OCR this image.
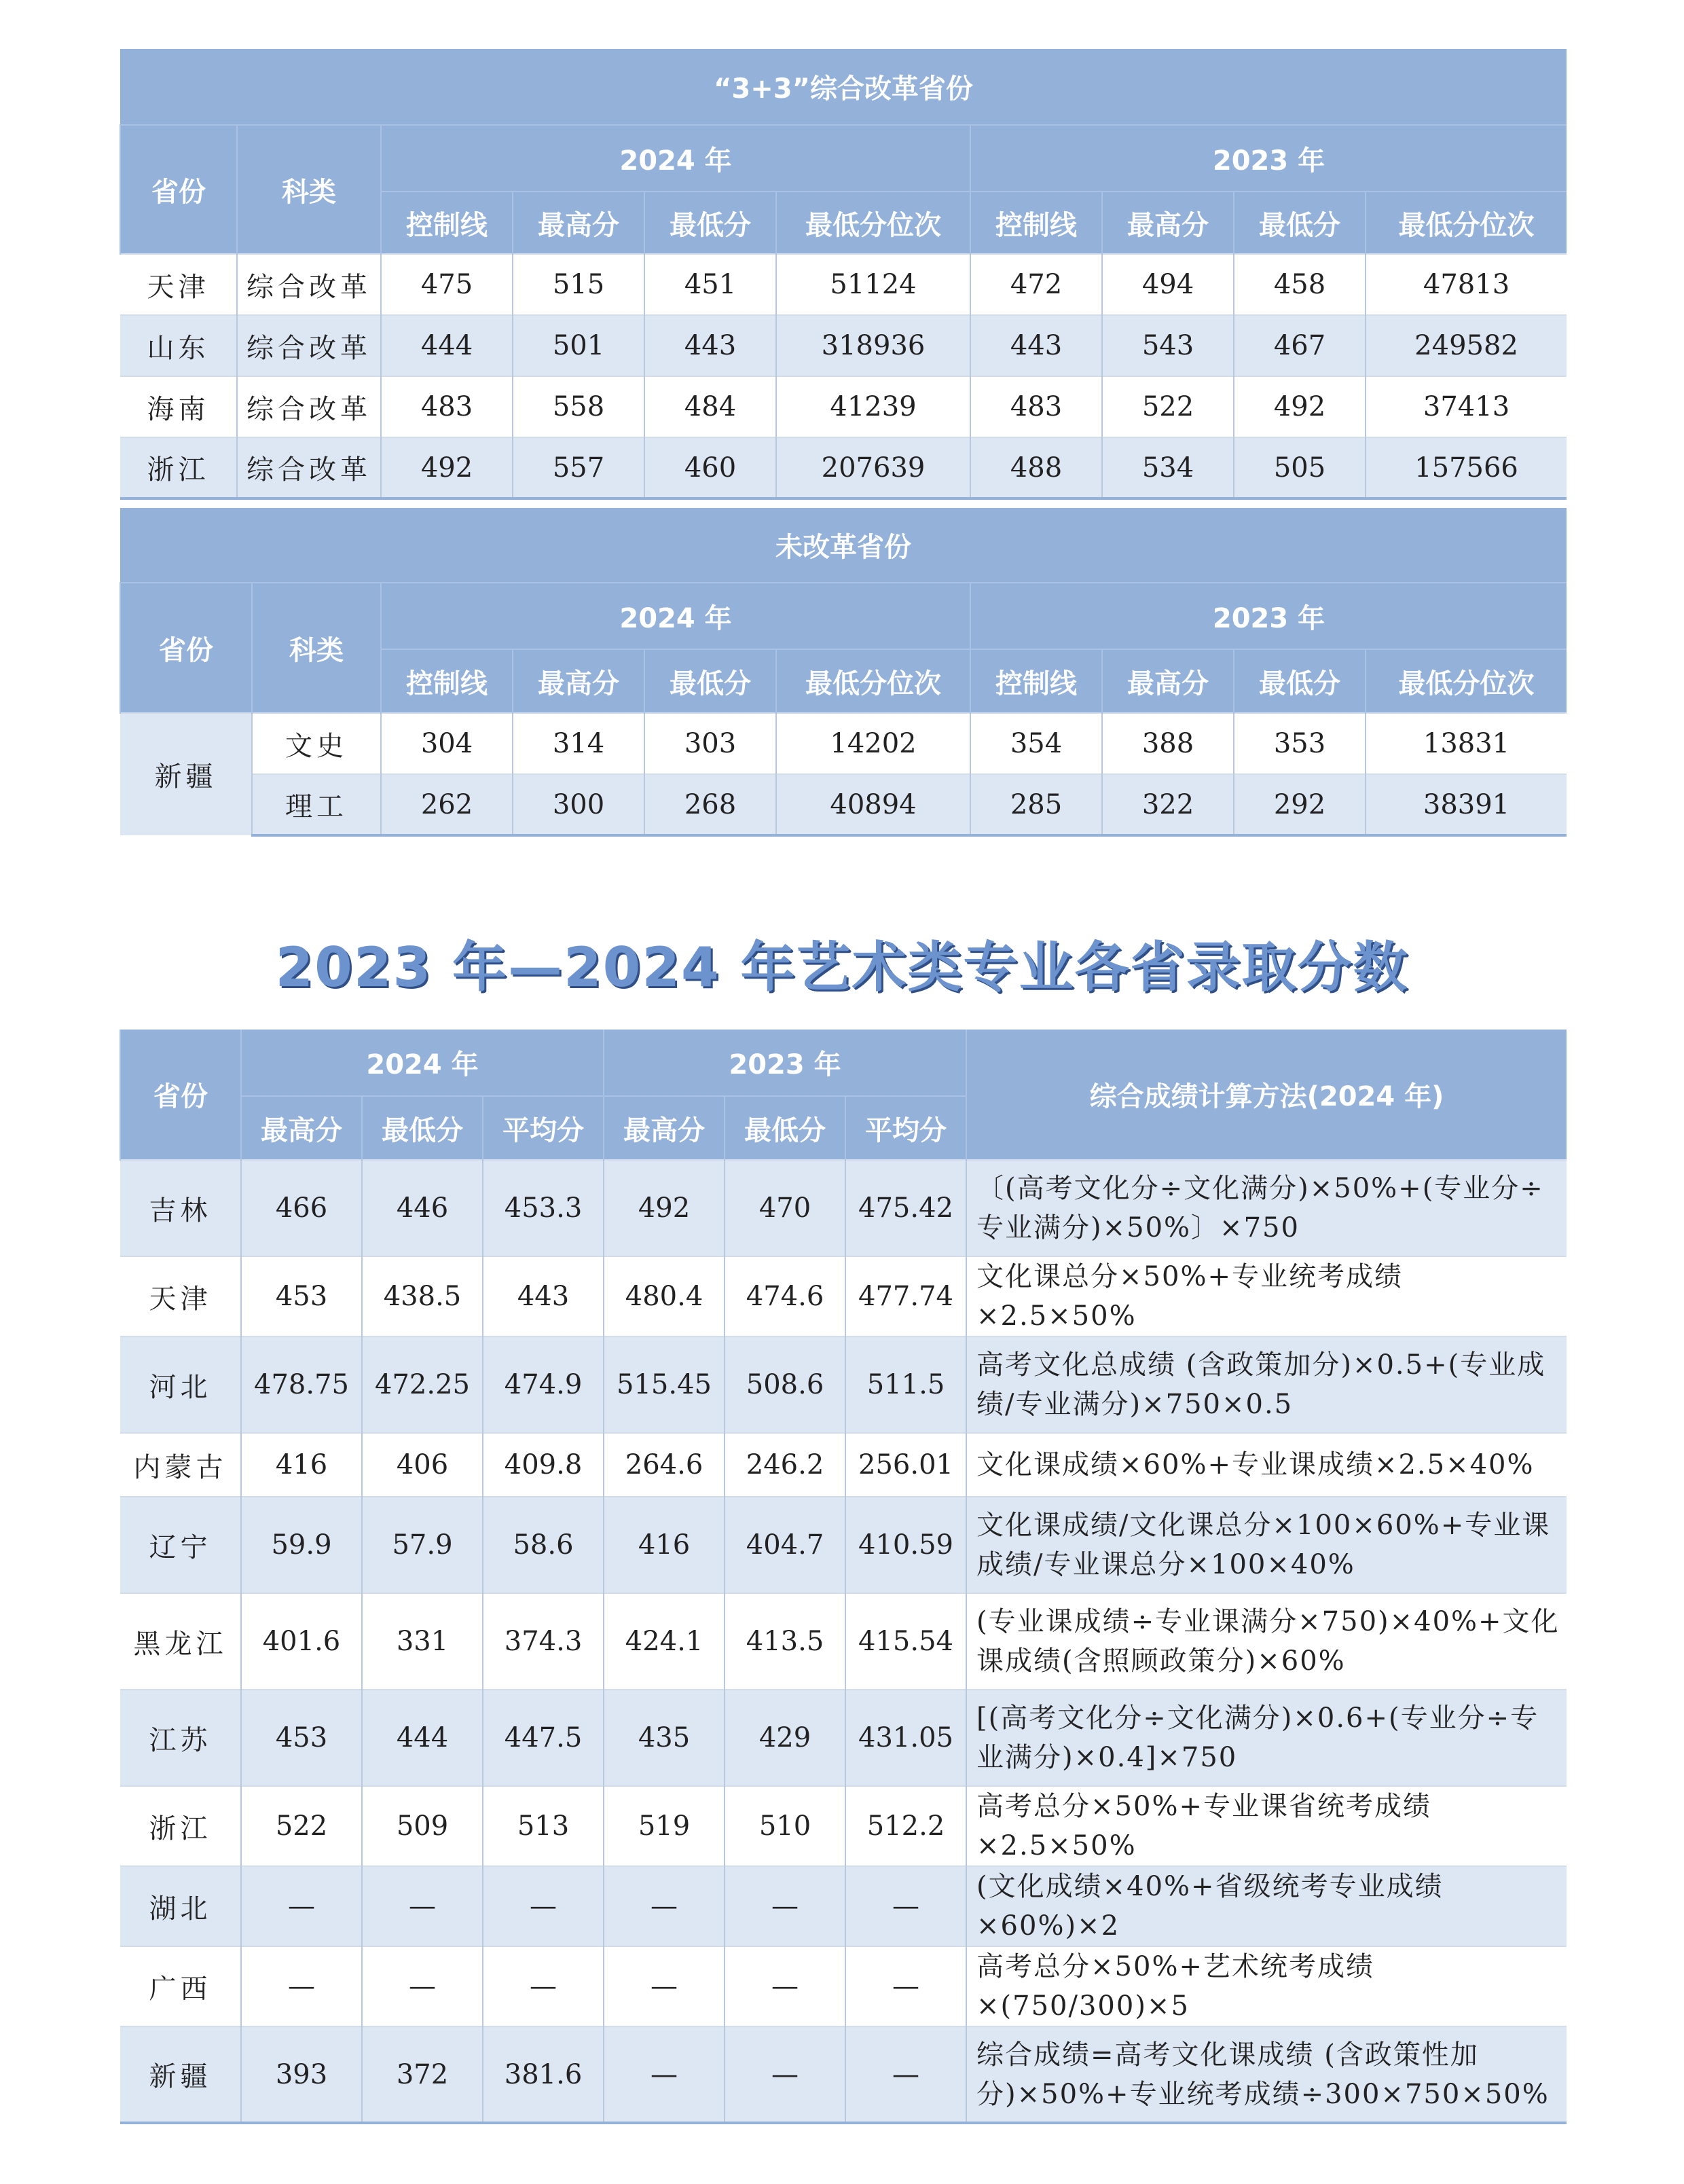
“3+3”综合改革省份									
省份	科类	2024 年				2023 年			
		控制线	最高分	最低分	最低分位次	控制线	最高分	最低分	最低分位次
天津	综合改革	475	515	451	51124	472	494	458	47813
山东	综合改革	444	501	443	318936	443	543	467	249582
海南	综合改革	483	558	484	41239	483	522	492	37413
浙江	综合改革	492	557	460	207639	488	534	505	157566
未改革省份									
省份	科类	2024 年				2023 年			
		控制线	最高分	最低分	最低分位次	控制线	最高分	最低分	最低分位次
新疆	文史	304	314	303	14202	354	388	353	13831
	理工	262	300	268	40894	285	322	292	38391
2023 年—2024 年艺术类专业各省录取分数
省份	2024 年			2023 年			综合成绩计算方法(2024 年)
	最高分	最低分	平均分	最高分	最低分	平均分	
吉林	466	446	453.3	492	470	475.42	〔(高考文化分÷文化满分)×50%+(专业分÷专业满分)×50%〕×750
天津	453	438.5	443	480.4	474.6	477.74	文化课总分×50%+专业统考成绩×2.5×50%
河北	478.75	472.25	474.9	515.45	508.6	511.5	高考文化总成绩 (含政策加分)×0.5+(专业成绩/专业满分)×750×0.5
内蒙古	416	406	409.8	264.6	246.2	256.01	文化课成绩×60%+专业课成绩×2.5×40%
辽宁	59.9	57.9	58.6	416	404.7	410.59	文化课成绩/文化课总分×100×60%+专业课成绩/专业课总分×100×40%
黑龙江	401.6	331	374.3	424.1	413.5	415.54	(专业课成绩÷专业课满分×750)×40%+文化课成绩(含照顾政策分)×60%
江苏	453	444	447.5	435	429	431.05	[(高考文化分÷文化满分)×0.6+(专业分÷专业满分)×0.4]×750
浙江	522	509	513	519	510	512.2	高考总分×50%+专业课省统考成绩×2.5×50%
湖北	—	—	—	—	—	—	(文化成绩×40%+省级统考专业成绩×60%)×2
广西	—	—	—	—	—	—	高考总分×50%+艺术统考成绩×(750/300)×5
新疆	393	372	381.6	—	—	—	综合成绩=高考文化课成绩 (含政策性加分)×50%+专业统考成绩÷300×750×50%
